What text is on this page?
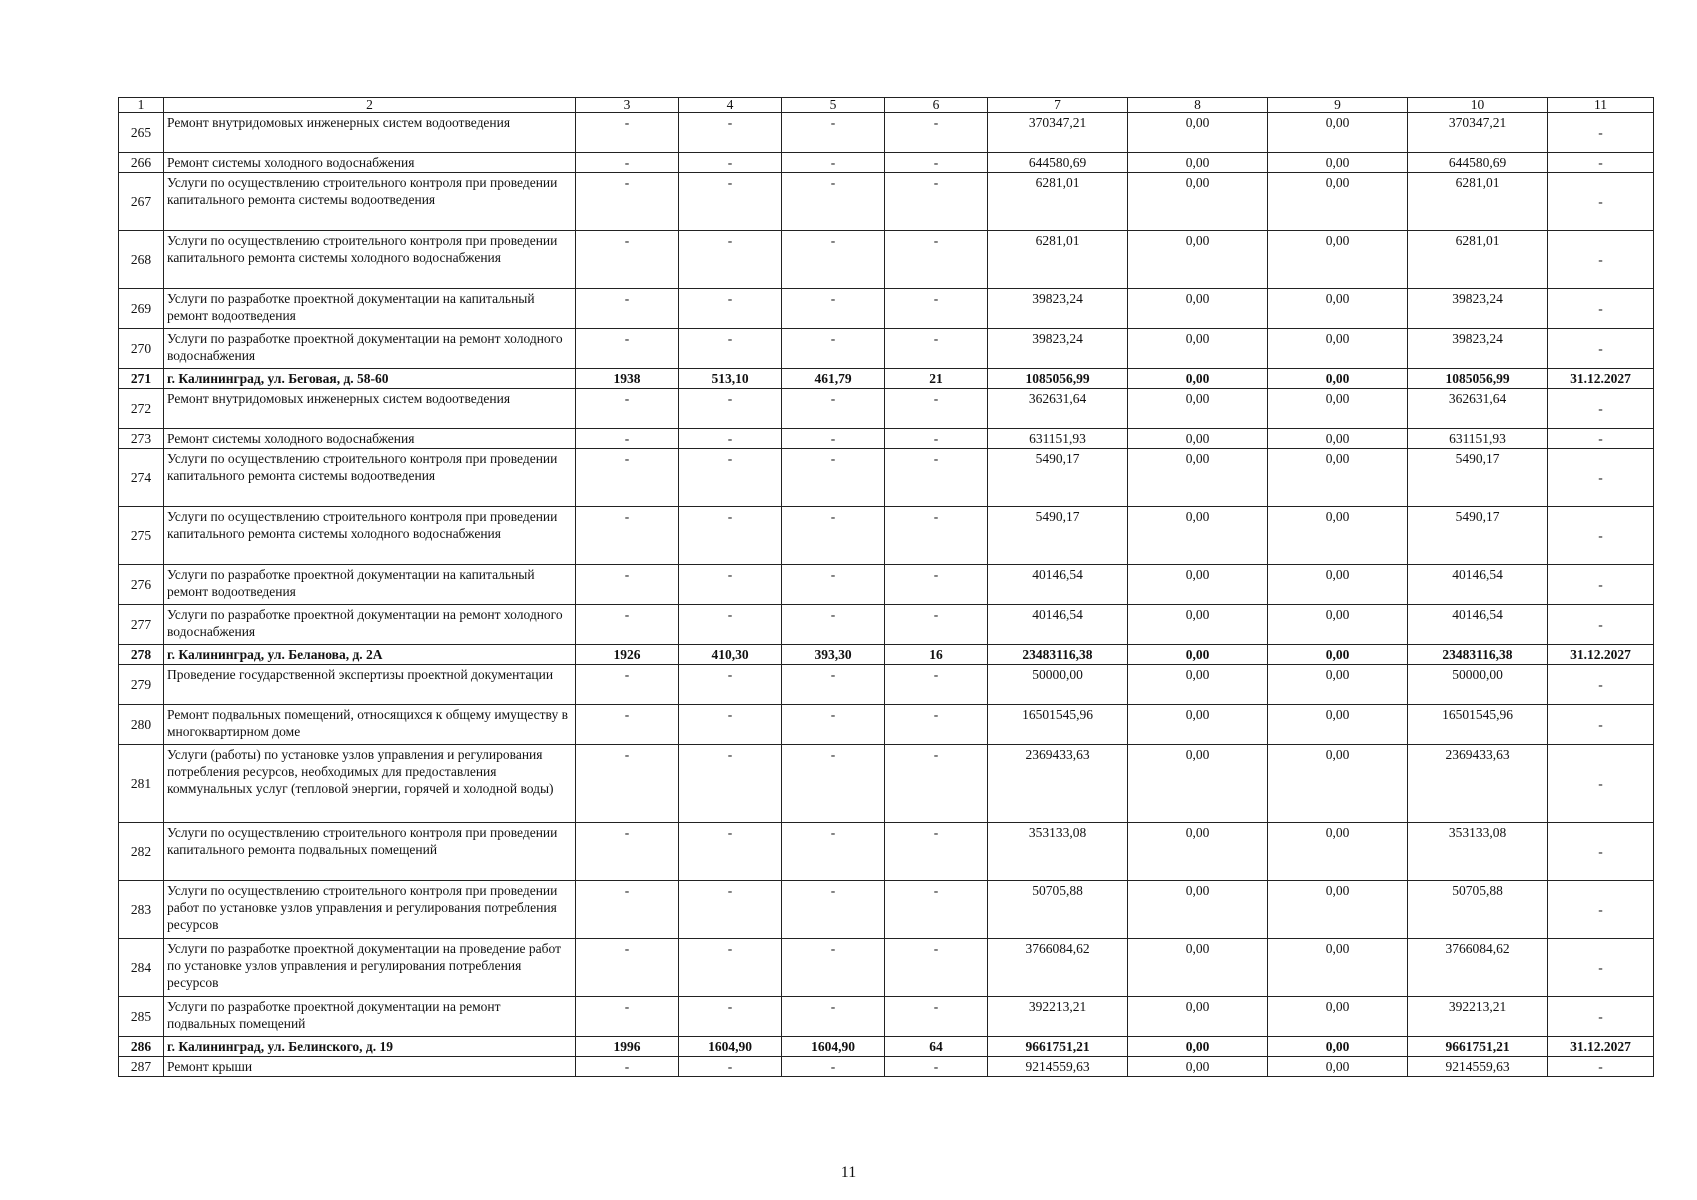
1	2	3	4	5	6	7	8	9	10	11
265	Ремонт внутридомовых инженерных систем водоотведения	-	-	-	-	370347,21	0,00	0,00	370347,21	-
266	Ремонт системы холодного водоснабжения	-	-	-	-	644580,69	0,00	0,00	644580,69	-
267	Услуги по осуществлению строительного контроля при проведении капитального ремонта системы водоотведения	-	-	-	-	6281,01	0,00	0,00	6281,01	-
268	Услуги по осуществлению строительного контроля при проведении капитального ремонта системы холодного водоснабжения	-	-	-	-	6281,01	0,00	0,00	6281,01	-
269	Услуги по разработке проектной документации на капитальный ремонт водоотведения	-	-	-	-	39823,24	0,00	0,00	39823,24	-
270	Услуги по разработке проектной документации на ремонт холодного водоснабжения	-	-	-	-	39823,24	0,00	0,00	39823,24	-
271	г. Калининград, ул. Беговая, д. 58-60	1938	513,10	461,79	21	1085056,99	0,00	0,00	1085056,99	31.12.2027
272	Ремонт внутридомовых инженерных систем водоотведения	-	-	-	-	362631,64	0,00	0,00	362631,64	-
273	Ремонт системы холодного водоснабжения	-	-	-	-	631151,93	0,00	0,00	631151,93	-
274	Услуги по осуществлению строительного контроля при проведении капитального ремонта системы водоотведения	-	-	-	-	5490,17	0,00	0,00	5490,17	-
275	Услуги по осуществлению строительного контроля при проведении капитального ремонта системы холодного водоснабжения	-	-	-	-	5490,17	0,00	0,00	5490,17	-
276	Услуги по разработке проектной документации на капитальный ремонт водоотведения	-	-	-	-	40146,54	0,00	0,00	40146,54	-
277	Услуги по разработке проектной документации на ремонт холодного водоснабжения	-	-	-	-	40146,54	0,00	0,00	40146,54	-
278	г. Калининград, ул. Беланова, д. 2А	1926	410,30	393,30	16	23483116,38	0,00	0,00	23483116,38	31.12.2027
279	Проведение государственной экспертизы проектной документации	-	-	-	-	50000,00	0,00	0,00	50000,00	-
280	Ремонт подвальных помещений, относящихся к общему имуществу в многоквартирном доме	-	-	-	-	16501545,96	0,00	0,00	16501545,96	-
281	Услуги (работы) по установке узлов управления и регулирования потребления ресурсов, необходимых для предоставления коммунальных услуг (тепловой энергии, горячей и холодной воды)	-	-	-	-	2369433,63	0,00	0,00	2369433,63	-
282	Услуги по осуществлению строительного контроля при проведении капитального ремонта подвальных помещений	-	-	-	-	353133,08	0,00	0,00	353133,08	-
283	Услуги по осуществлению строительного контроля при проведении работ по установке узлов управления и регулирования потребления ресурсов	-	-	-	-	50705,88	0,00	0,00	50705,88	-
284	Услуги по разработке проектной документации на проведение работ по установке узлов управления и регулирования потребления ресурсов	-	-	-	-	3766084,62	0,00	0,00	3766084,62	-
285	Услуги по разработке проектной документации на ремонт подвальных помещений	-	-	-	-	392213,21	0,00	0,00	392213,21	-
286	г. Калининград, ул. Белинского, д. 19	1996	1604,90	1604,90	64	9661751,21	0,00	0,00	9661751,21	31.12.2027
287	Ремонт крыши	-	-	-	-	9214559,63	0,00	0,00	9214559,63	-
11
